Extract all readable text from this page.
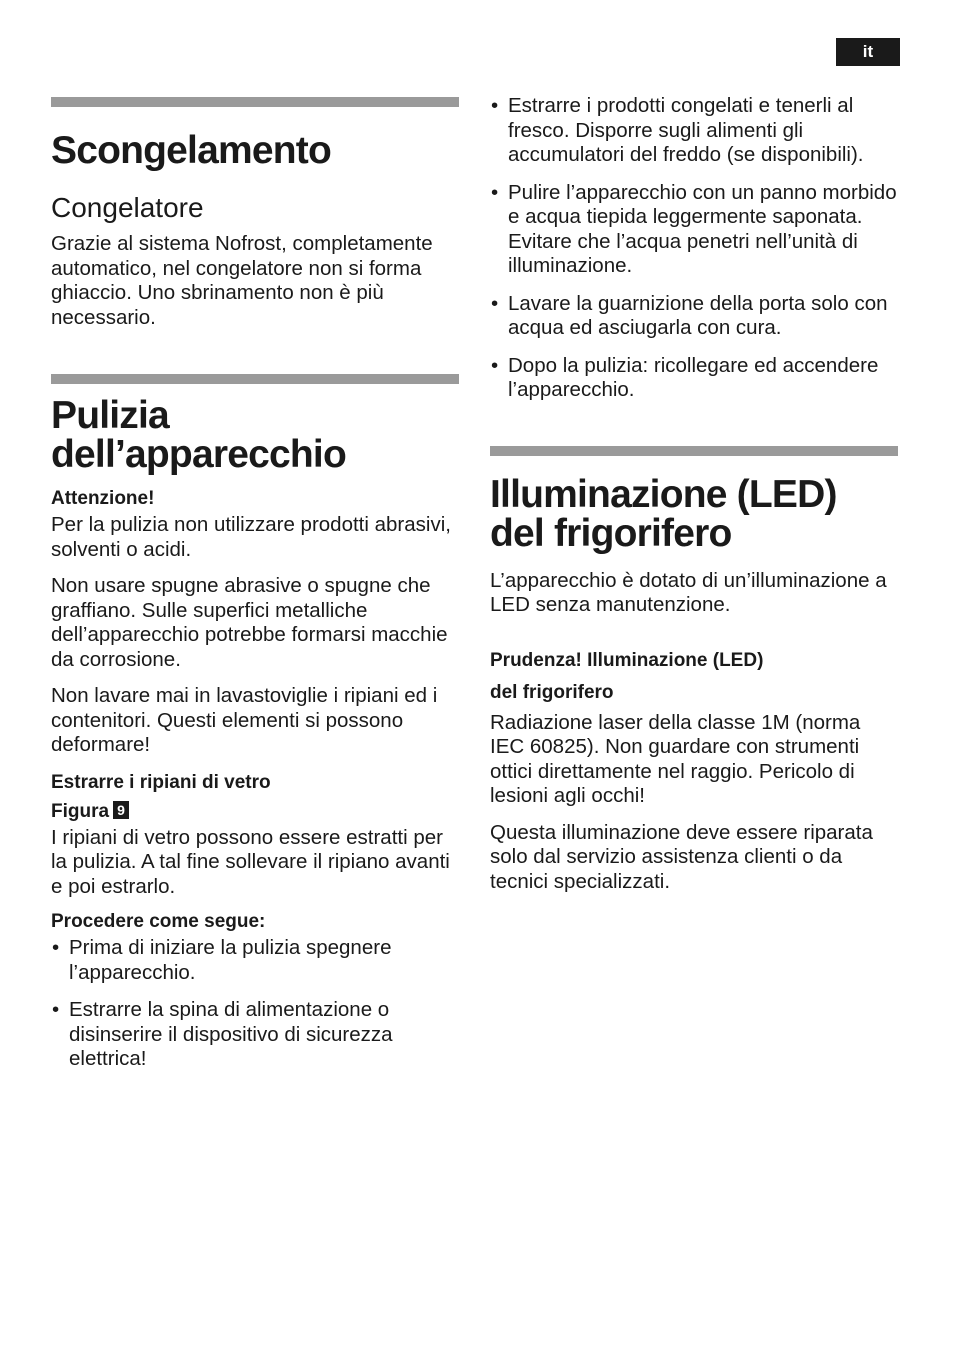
it
Scongelamento
Congelatore

Grazie al sistema Nofrost, completamente automatico, nel congelatore non si forma ghiaccio. Uno sbrinamento non è più necessario.

Pulizia
dell’apparecchio
Attenzione!

Per la pulizia non utilizzare prodotti abrasivi, solventi o acidi.

Non usare spugne abrasive o spugne che graffiano. Sulle superfici metalliche dell’apparecchio potrebbe formarsi macchie da corrosione.

Non lavare mai in lavastoviglie i ripiani ed i contenitori. Questi elementi si possono deformare!

Estrarre i ripiani di vetro
Figura 9

I ripiani di vetro possono essere estratti per la pulizia. A tal fine sollevare il ripiano avanti e poi estrarlo.

Procedere come segue:
• Prima di iniziare la pulizia spegnere l’apparecchio.
• Estrarre la spina di alimentazione o disinserire il dispositivo di sicurezza elettrica!
• Estrarre i prodotti congelati e tenerli al fresco. Disporre sugli alimenti gli accumulatori del freddo (se disponibili).
• Pulire l’apparecchio con un panno morbido e acqua tiepida leggermente saponata. Evitare che l’acqua penetri nell’unità di illuminazione.
• Lavare la guarnizione della porta solo con acqua ed asciugarla con cura.
• Dopo la pulizia: ricollegare ed accendere l’apparecchio.
Illuminazione (LED)
del frigorifero

L’apparecchio è dotato di un’illuminazione a LED senza manutenzione.

Prudenza! Illuminazione (LED)
del frigorifero

Radiazione laser della classe 1M (norma IEC 60825). Non guardare con strumenti ottici direttamente nel raggio. Pericolo di lesioni agli occhi!

Questa illuminazione deve essere riparata solo dal servizio assistenza clienti o da tecnici specializzati.
